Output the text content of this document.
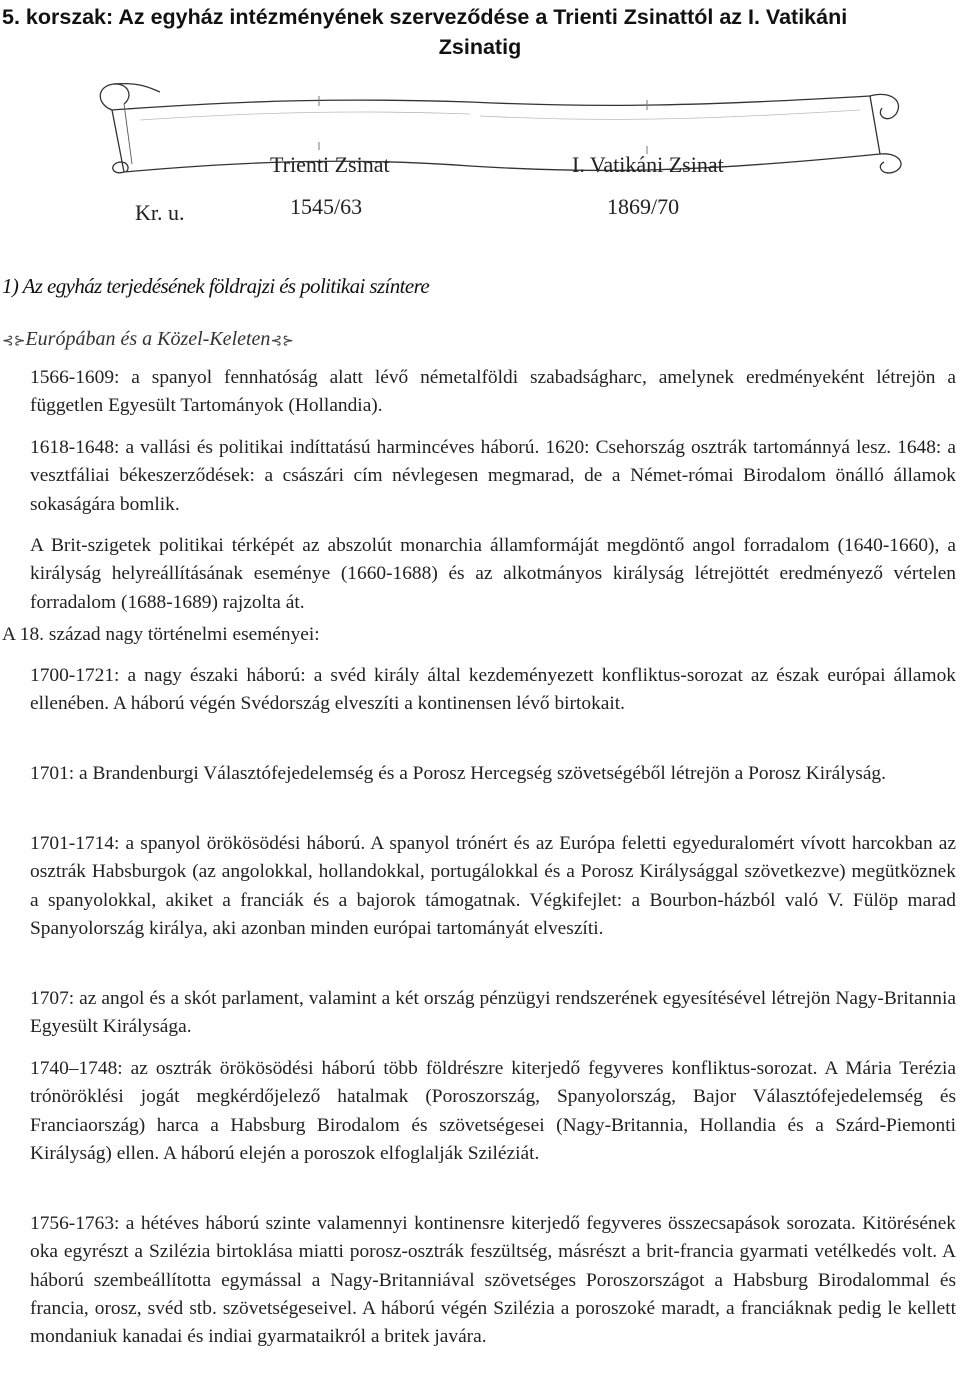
5. korszak: Az egyház intézményének szerveződése a Trienti Zsinattól az I. Vatikáni
Zsinatig
Trienti Zsinat	I. Vatikáni Zsinat
Kr. u.	1545/63	1869/70
1) Az egyház terjedésének földrajzi és politikai színtere
⊰⊱Európában és a Közel-Keleten⊰⊱
1566-1609: a spanyol fennhatóság alatt lévő németalföldi szabadságharc, amelynek eredményeként létrejön a független Egyesült Tartományok (Hollandia).
1618-1648: a vallási és politikai indíttatású harmincéves háború. 1620: Csehország osztrák tartománnyá lesz. 1648: a vesztfáliai békeszerződések: a császári cím névlegesen megmarad, de a Német-római Birodalom önálló államok sokaságára bomlik.
A Brit-szigetek politikai térképét az abszolút monarchia államformáját megdöntő angol forradalom (1640-1660), a királyság helyreállításának eseménye (1660-1688) és az alkotmányos királyság létrejöttét eredményező vértelen forradalom (1688-1689) rajzolta át.
A 18. század nagy történelmi eseményei:
1700-1721: a nagy északi háború: a svéd király által kezdeményezett konfliktus-sorozat az észak európai államok ellenében. A háború végén Svédország elveszíti a kontinensen lévő birtokait.
1701: a Brandenburgi Választófejedelemség és a Porosz Hercegség szövetségéből létrejön a Porosz Királyság.
1701-1714: a spanyol örökösödési háború. A spanyol trónért és az Európa feletti egyeduralomért vívott harcokban az osztrák Habsburgok (az angolokkal, hollandokkal, portugálokkal és a Porosz Királysággal szövetkezve) megütköznek a spanyolokkal, akiket a franciák és a bajorok támogatnak. Végkifejlet: a Bourbon-házból való V. Fülöp marad Spanyolország királya, aki azonban minden európai tartományát elveszíti.
1707: az angol és a skót parlament, valamint a két ország pénzügyi rendszerének egyesítésével létrejön Nagy-Britannia Egyesült Királysága.
1740–1748: az osztrák örökösödési háború több földrészre kiterjedő fegyveres konfliktus-sorozat. A Mária Terézia trónöröklési jogát megkérdőjelező hatalmak (Poroszország, Spanyolország, Bajor Választófejedelemség és Franciaország) harca a Habsburg Birodalom és szövetségesei (Nagy-Britannia, Hollandia és a Szárd-Piemonti Királyság) ellen. A háború elején a poroszok elfoglalják Sziléziát.
1756-1763: a hétéves háború szinte valamennyi kontinensre kiterjedő fegyveres összecsapások sorozata. Kitörésének oka egyrészt a Szilézia birtoklása miatti porosz-osztrák feszültség, másrészt a brit-francia gyarmati vetélkedés volt. A háború szembeállította egymással a Nagy-Britanniával szövetséges Poroszországot a Habsburg Birodalommal és francia, orosz, svéd stb. szövetségeseivel. A háború végén Szilézia a poroszoké maradt, a franciáknak pedig le kellett mondaniuk kanadai és indiai gyarmataikról a britek javára.
